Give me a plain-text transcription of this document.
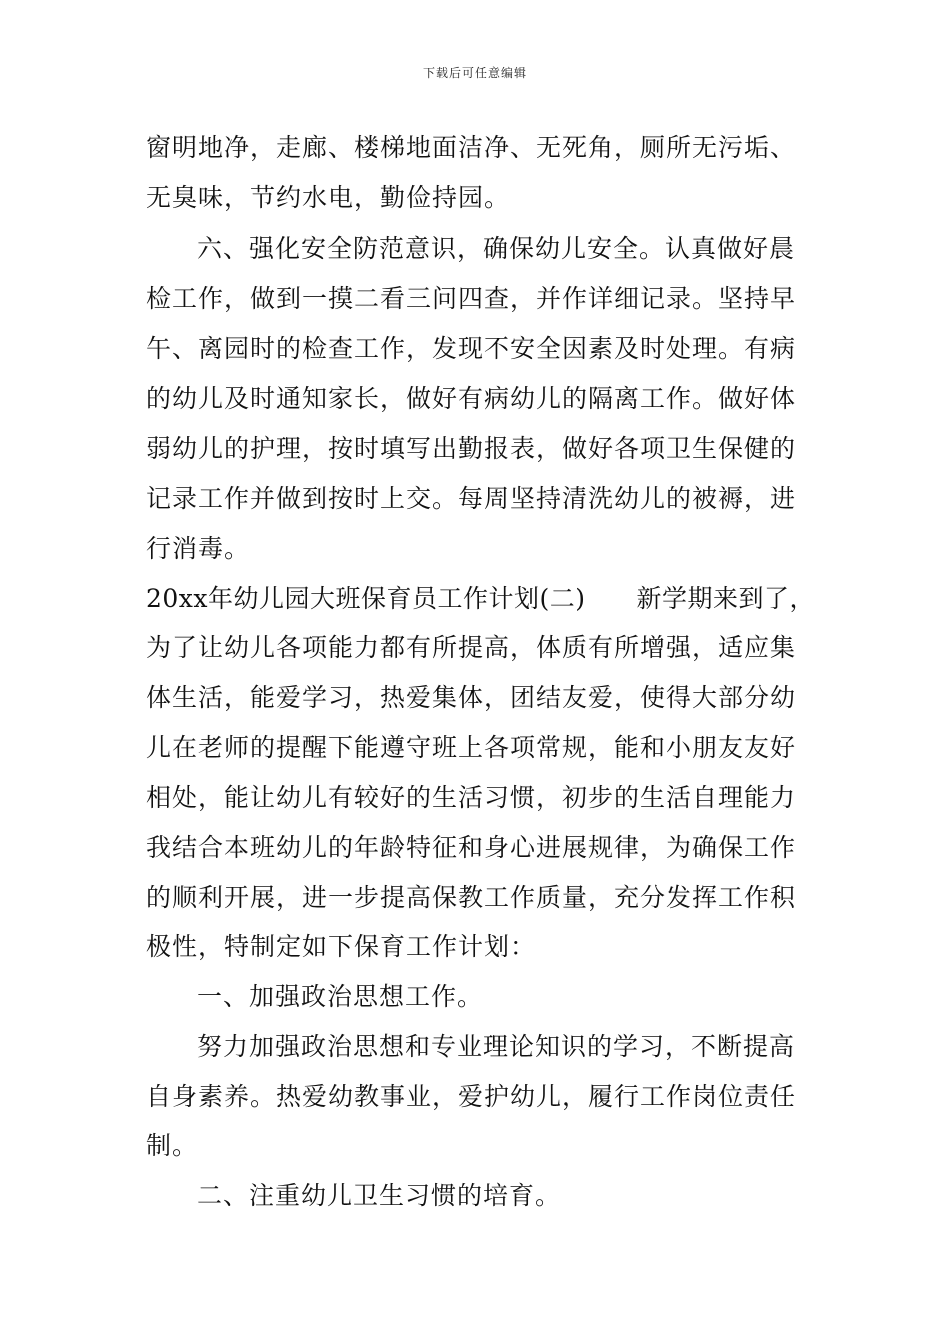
下载后可任意编辑
窗明地净，走廊、楼梯地面洁净、无死角，厕所无污垢、
无臭味，节约水电，勤俭持园。
六、强化安全防范意识，确保幼儿安全。认真做好晨
检工作，做到一摸二看三问四查，并作详细记录。坚持早
午、离园时的检查工作，发现不安全因素及时处理。有病
的幼儿及时通知家长，做好有病幼儿的隔离工作。做好体
弱幼儿的护理，按时填写出勤报表，做好各项卫生保健的
记录工作并做到按时上交。每周坚持清洗幼儿的被褥，进
行消毒。
20xx年幼儿园大班保育员工作计划(二)　　新学期来到了，
为了让幼儿各项能力都有所提高，体质有所增强，适应集
体生活，能爱学习，热爱集体，团结友爱，使得大部分幼
儿在老师的提醒下能遵守班上各项常规，能和小朋友友好
相处，能让幼儿有较好的生活习惯，初步的生活自理能力
我结合本班幼儿的年龄特征和身心进展规律，为确保工作
的顺利开展，进一步提高保教工作质量，充分发挥工作积
极性，特制定如下保育工作计划：
一、加强政治思想工作。
努力加强政治思想和专业理论知识的学习，不断提高
自身素养。热爱幼教事业，爱护幼儿，履行工作岗位责任
制。
二、注重幼儿卫生习惯的培育。
